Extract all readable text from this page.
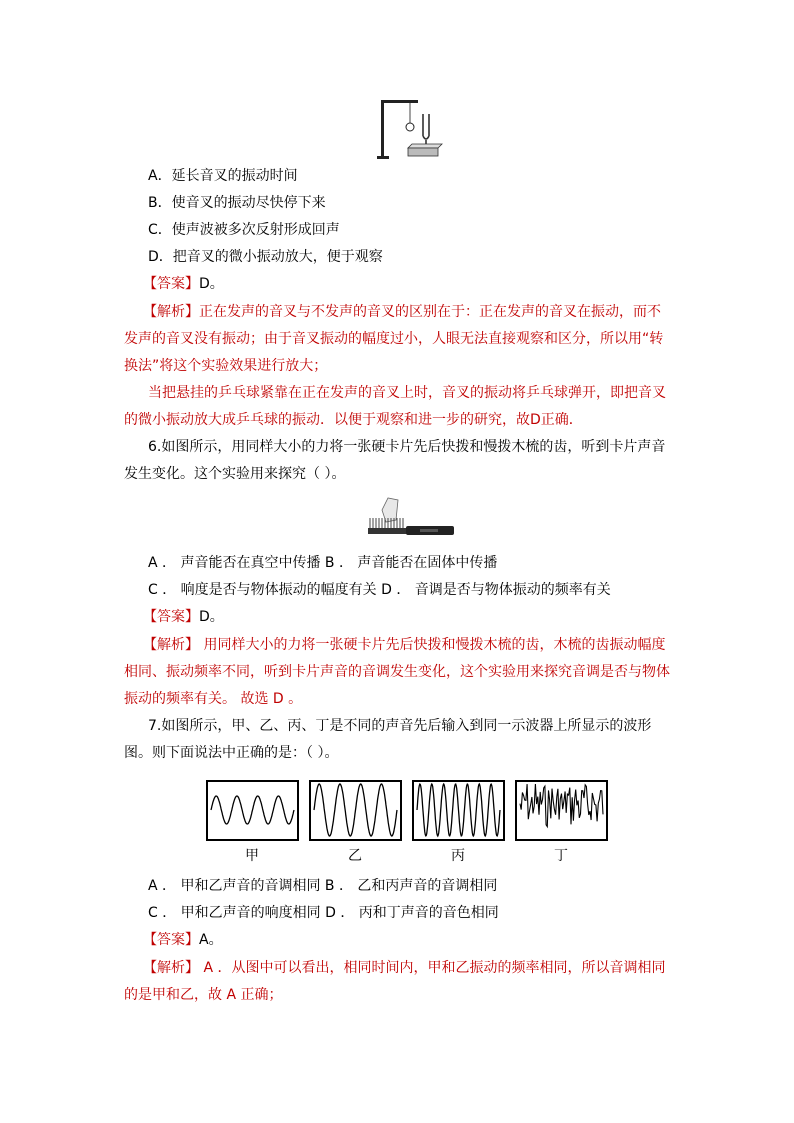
A．延长音叉的振动时间
B．使音叉的振动尽快停下来
C．使声波被多次反射形成回声
D．把音叉的微小振动放大，便于观察
【答案】D。
【解析】正在发声的音叉与不发声的音叉的区别在于：正在发声的音叉在振动，而不
发声的音叉没有振动；由于音叉振动的幅度过小，人眼无法直接观察和区分，所以用“转
换法”将这个实验效果进行放大；
当把悬挂的乒乓球紧靠在正在发声的音叉上时，音叉的振动将乒乓球弹开，即把音叉
的微小振动放大成乒乓球的振动．以便于观察和进一步的研究，故D正确．
6.如图所示，用同样大小的力将一张硬卡片先后快拨和慢拨木梳的齿，听到卡片声音
发生变化。这个实验用来探究（ ）。
A ． 声音能否在真空中传播 B ． 声音能否在固体中传播
C ． 响度是否与物体振动的幅度有关 D ． 音调是否与物体振动的频率有关
【答案】D。
【解析】 用同样大小的力将一张硬卡片先后快拨和慢拨木梳的齿，木梳的齿振动幅度
相同、振动频率不同，听到卡片声音的音调发生变化，这个实验用来探究音调是否与物体
振动的频率有关。 故选 D 。
7.如图所示，甲、乙、丙、丁是不同的声音先后输入到同一示波器上所显示的波形
图。则下面说法中正确的是：（ ）。
甲	乙	丙	丁
A ． 甲和乙声音的音调相同 B ． 乙和丙声音的音调相同
C ． 甲和乙声音的响度相同 D ． 丙和丁声音的音色相同
【答案】A。
【解析】 A ．从图中可以看出，相同时间内，甲和乙振动的频率相同，所以音调相同
的是甲和乙，故 A 正确；
